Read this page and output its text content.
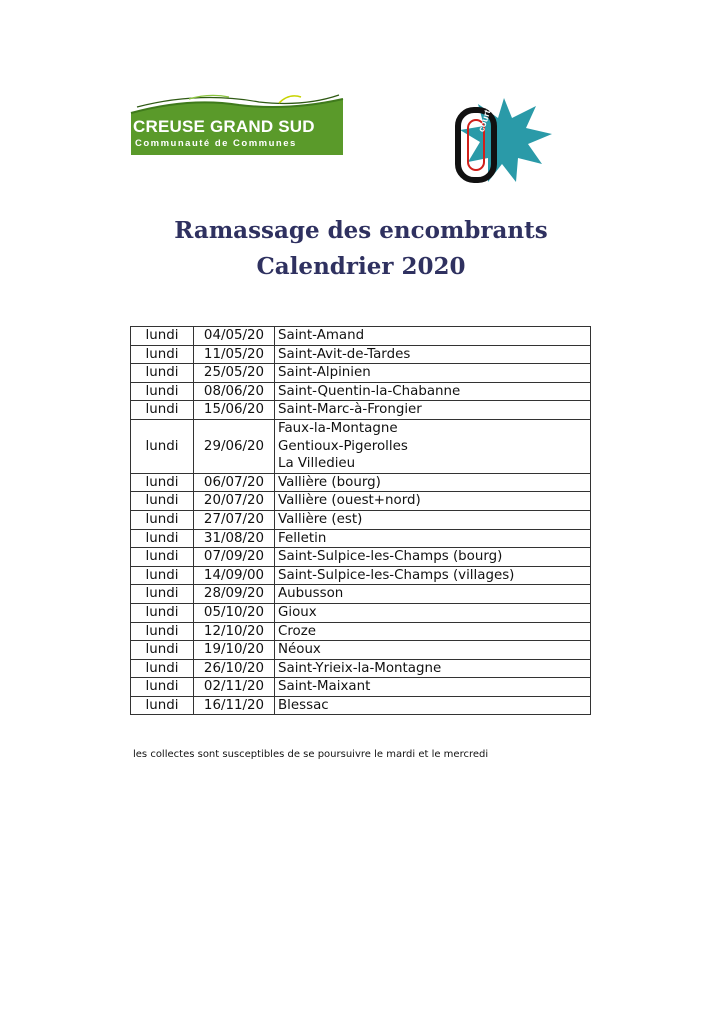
CREUSE GRAND SUD
Communauté de Communes
court-circuit
Ramassage des encombrants
Calendrier 2020
lundi	04/05/20	Saint-Amand

lundi	11/05/20	Saint-Avit-de-Tardes

lundi	25/05/20	Saint-Alpinien

lundi	08/06/20	Saint-Quentin-la-Chabanne

lundi	15/06/20	Saint-Marc-à-Frongier

lundi	29/06/20	Faux-la-Montagne
Gentioux-Pigerolles
La Villedieu

lundi	06/07/20	Vallière (bourg)

lundi	20/07/20	Vallière (ouest+nord)

lundi	27/07/20	Vallière (est)

lundi	31/08/20	Felletin

lundi	07/09/20	Saint-Sulpice-les-Champs (bourg)

lundi	14/09/00	Saint-Sulpice-les-Champs (villages)

lundi	28/09/20	Aubusson

lundi	05/10/20	Gioux

lundi	12/10/20	Croze

lundi	19/10/20	Néoux

lundi	26/10/20	Saint-Yrieix-la-Montagne

lundi	02/11/20	Saint-Maixant

lundi	16/11/20	Blessac
les collectes sont susceptibles de se poursuivre le mardi et le mercredi
